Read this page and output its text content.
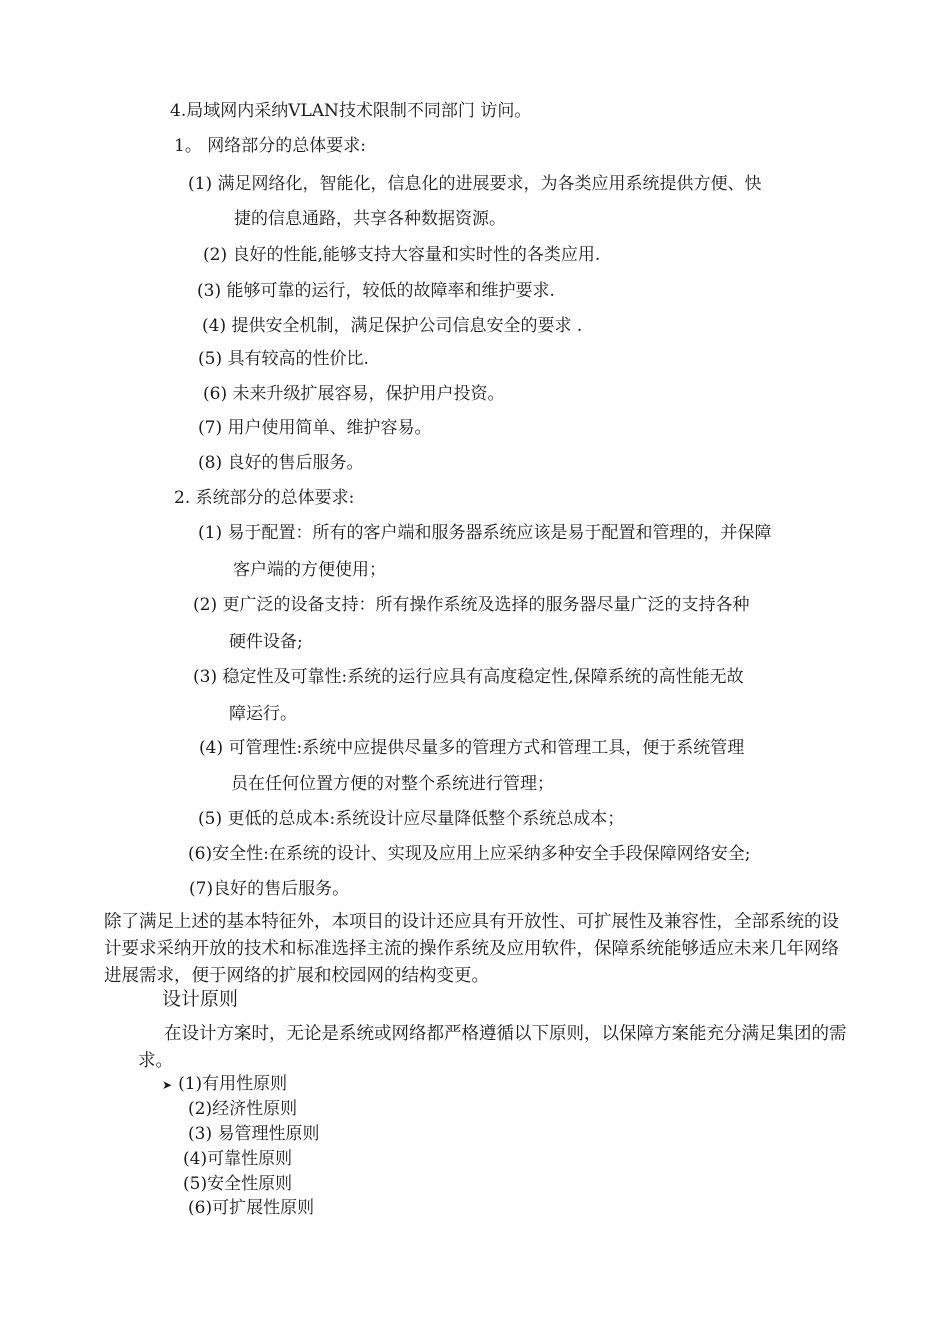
4.局域网内采纳VLAN技术限制不同部门 访问。
1。 网络部分的总体要求:
(1) 满足网络化，智能化，信息化的进展要求，为各类应用系统提供方便、快
捷的信息通路，共享各种数据资源。
(2) 良好的性能,能够支持大容量和实时性的各类应用.
(3) 能够可靠的运行，较低的故障率和维护要求.
(4) 提供安全机制，满足保护公司信息安全的要求 .
(5) 具有较高的性价比.
(6) 未来升级扩展容易，保护用户投资。
(7) 用户使用简单、维护容易。
(8) 良好的售后服务。
2. 系统部分的总体要求:
(1) 易于配置：所有的客户端和服务器系统应该是易于配置和管理的，并保障
客户端的方便使用；
(2) 更广泛的设备支持：所有操作系统及选择的服务器尽量广泛的支持各种
硬件设备;
(3) 稳定性及可靠性:系统的运行应具有高度稳定性,保障系统的高性能无故
障运行。
(4) 可管理性:系统中应提供尽量多的管理方式和管理工具，便于系统管理
员在任何位置方便的对整个系统进行管理；
(5) 更低的总成本:系统设计应尽量降低整个系统总成本；
(6)安全性:在系统的设计、实现及应用上应采纳多种安全手段保障网络安全;
(7)良好的售后服务。
除了满足上述的基本特征外，本项目的设计还应具有开放性、可扩展性及兼容性，全部系统的设计要求采纳开放的技术和标准选择主流的操作系统及应用软件，保障系统能够适应未来几年网络进展需求，便于网络的扩展和校园网的结构变更。
设计原则
在设计方案时，无论是系统或网络都严格遵循以下原则，以保障方案能充分满足集团的需求。
➤ (1)有用性原则
(2)经济性原则
(3) 易管理性原则
(4)可靠性原则
(5)安全性原则
(6)可扩展性原则
